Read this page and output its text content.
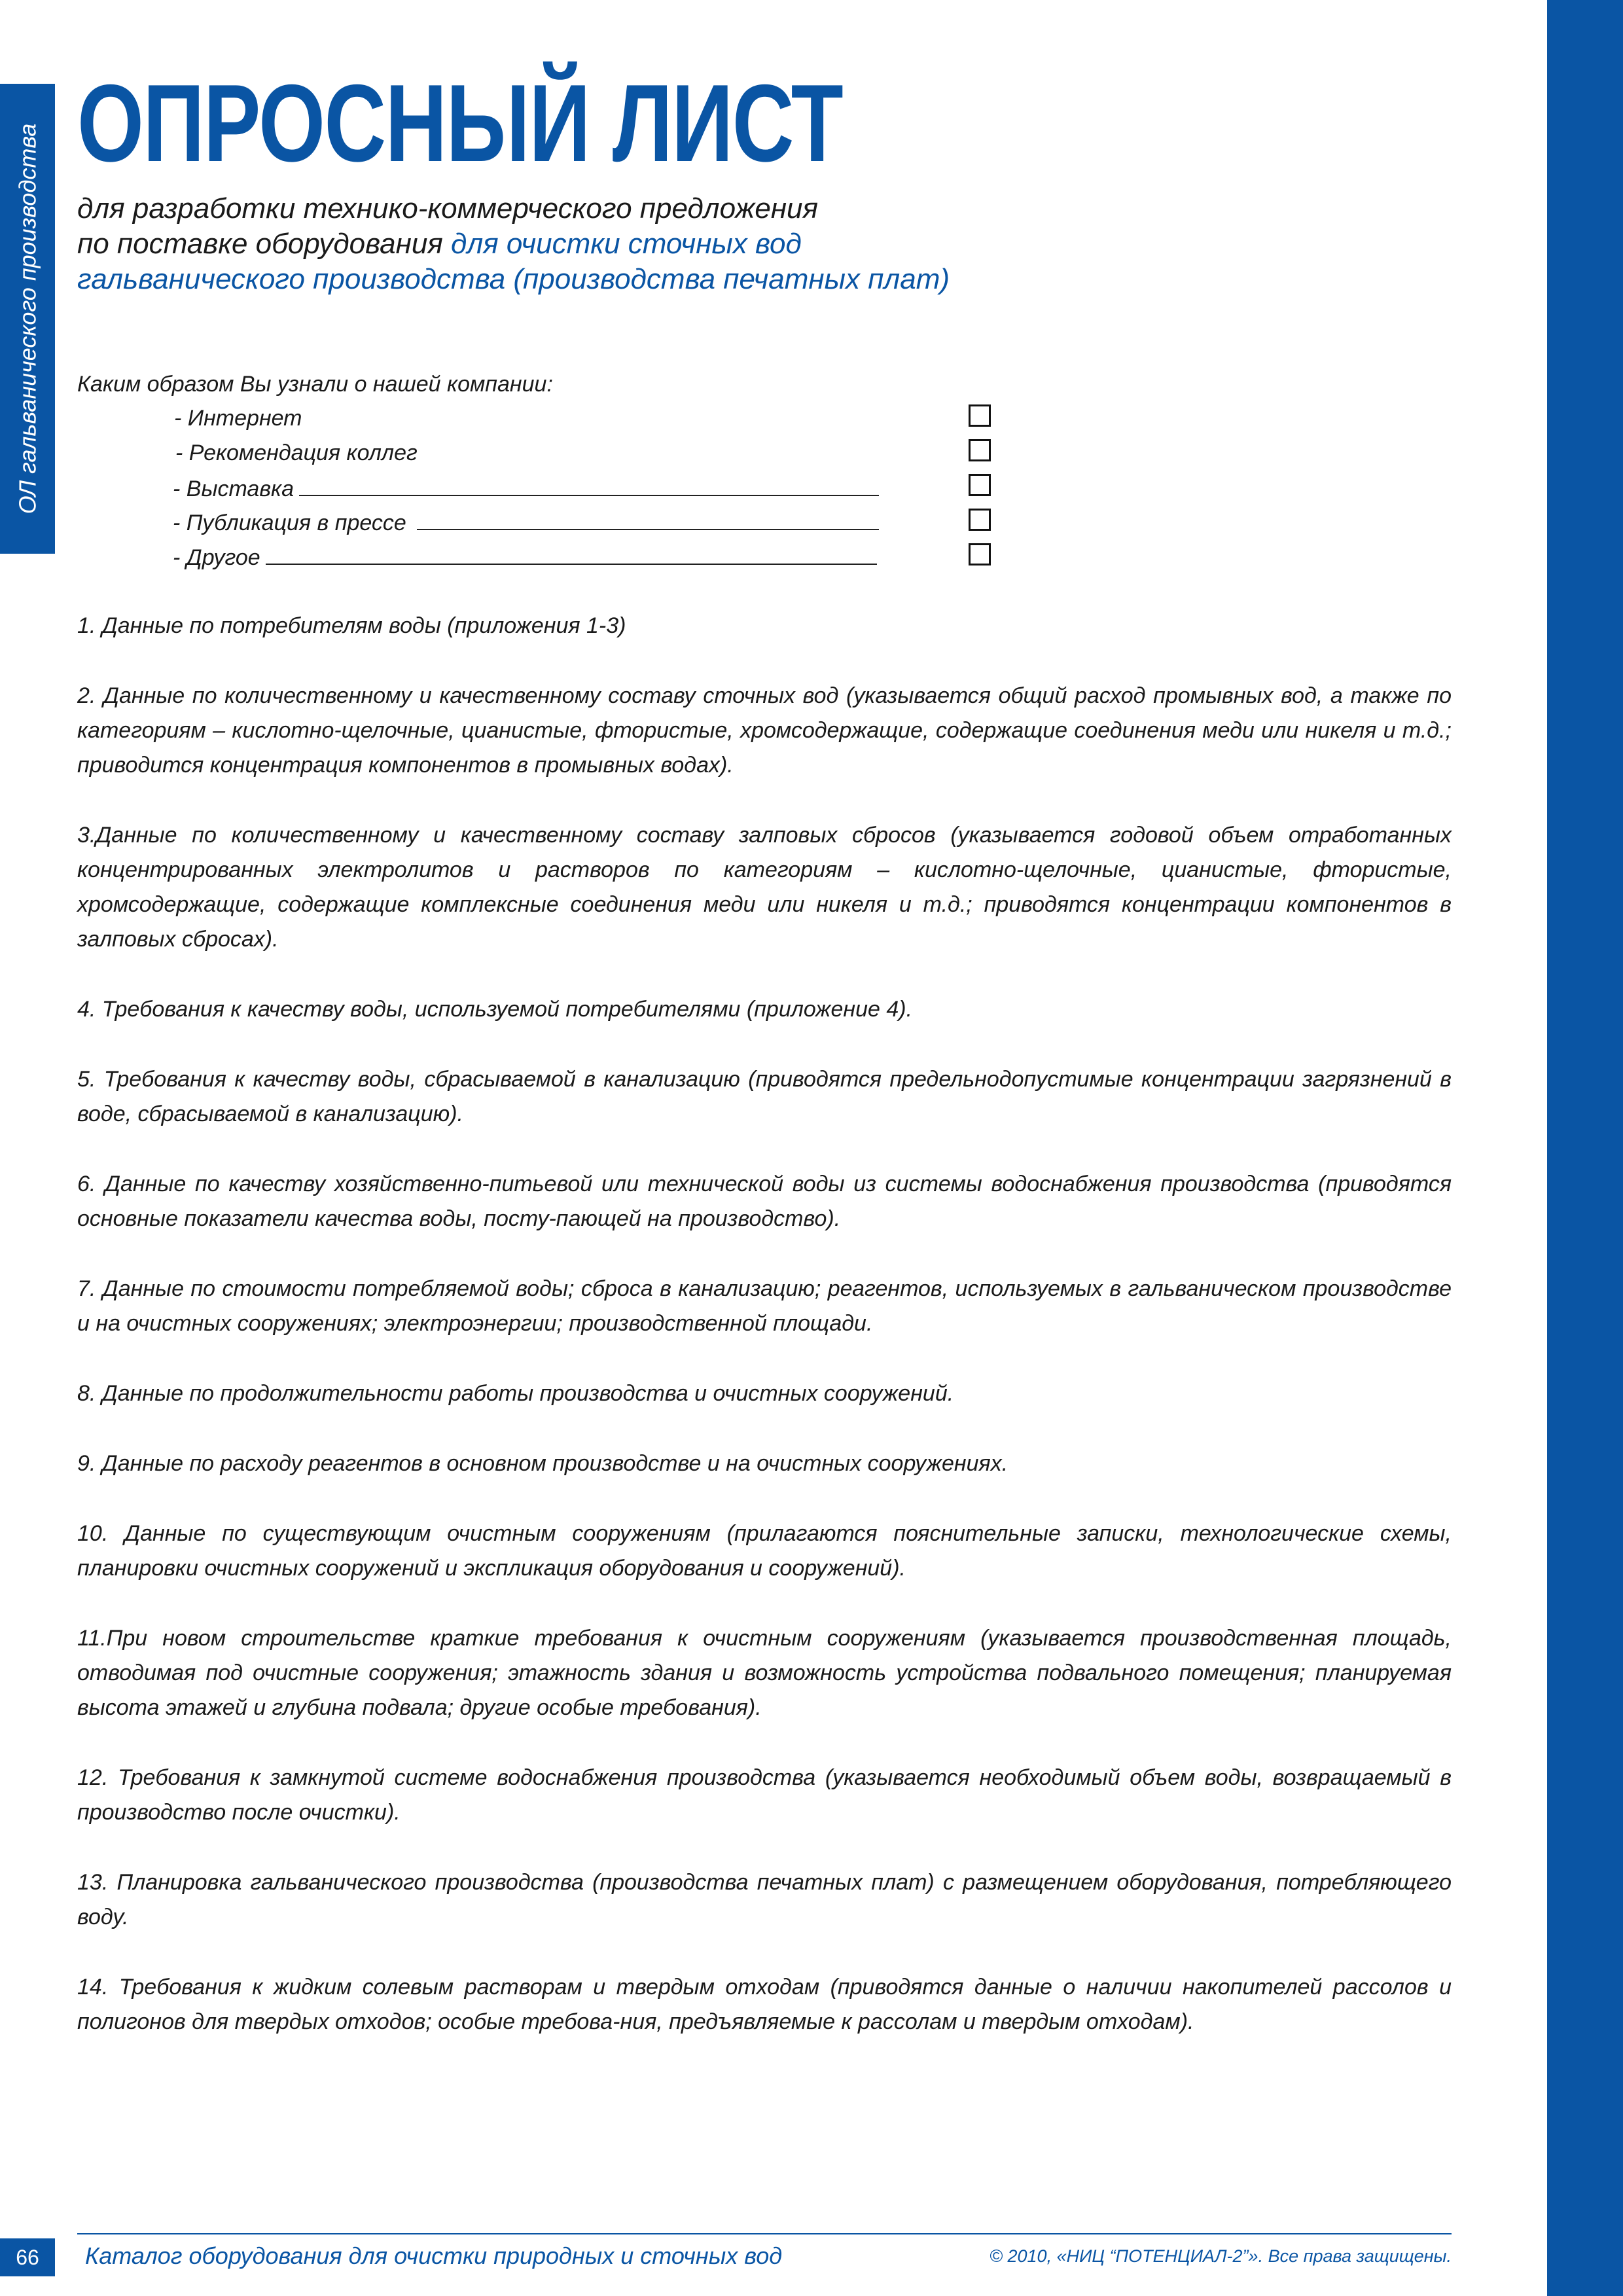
ОЛ гальванического производства
ОПРОСНЫЙ ЛИСТ
для разработки технико-коммерческого предложения
по поставке оборудования для очистки сточных вод
гальванического производства (производства печатных плат)
Каким образом Вы узнали о нашей компании:
- Интернет
- Рекомендация коллег
- Выставка
- Публикация в прессе
- Другое

1. Данные по потребителям воды (приложения 1-3)

2. Данные по количественному и качественному составу сточных вод (указывается общий расход промывных вод, а также по категориям – кислотно-щелочные, цианистые, фтористые, хромсодержащие, содержащие соединения меди или никеля и т.д.; приводится концентрация компонентов в промывных водах).

3.Данные по количественному и качественному составу залповых сбросов (указывается годовой объем отработанных концентрированных электролитов и растворов по категориям – кислотно-щелочные, цианистые, фтористые, хромсодержащие, содержащие комплексные соединения меди или никеля и т.д.; приводятся концентрации компонентов в залповых сбросах).

4. Требования к качеству воды, используемой потребителями (приложение 4).

5. Требования к качеству воды, сбрасываемой в канализацию (приводятся предельнодопустимые концентрации загрязнений в воде, сбрасываемой в канализацию).

6. Данные по качеству хозяйственно-питьевой или технической воды из системы водоснабжения производства (приводятся основные показатели качества воды, посту-пающей на производство).

7. Данные по стоимости потребляемой воды; сброса в канализацию; реагентов, используемых в гальваническом производстве и на очистных сооружениях; электроэнергии; производственной площади.

8. Данные по продолжительности работы производства и очистных сооружений.

9. Данные по расходу реагентов в основном производстве и на очистных сооружениях.

10. Данные по существующим очистным сооружениям (прилагаются пояснительные записки, технологические схемы, планировки очистных сооружений и экспликация оборудования и сооружений).

11.При новом строительстве краткие требования к очистным сооружениям (указывается производственная площадь, отводимая под очистные сооружения; этажность здания и возможность устройства подвального помещения; планируемая высота этажей и глубина подвала; другие особые требования).

12. Требования к замкнутой системе водоснабжения производства (указывается необходимый объем воды, возвращаемый в производство после очистки).

13. Планировка гальванического производства (производства печатных плат) с размещением оборудования, потребляющего воду.

14. Требования к жидким солевым растворам и твердым отходам (приводятся данные о наличии накопителей рассолов и полигонов для твердых отходов; особые требова-ния, предъявляемые к рассолам и твердым отходам).

66	Каталог оборудования для очистки природных и сточных вод	© 2010, «НИЦ “ПОТЕНЦИАЛ-2”». Все права защищены.
